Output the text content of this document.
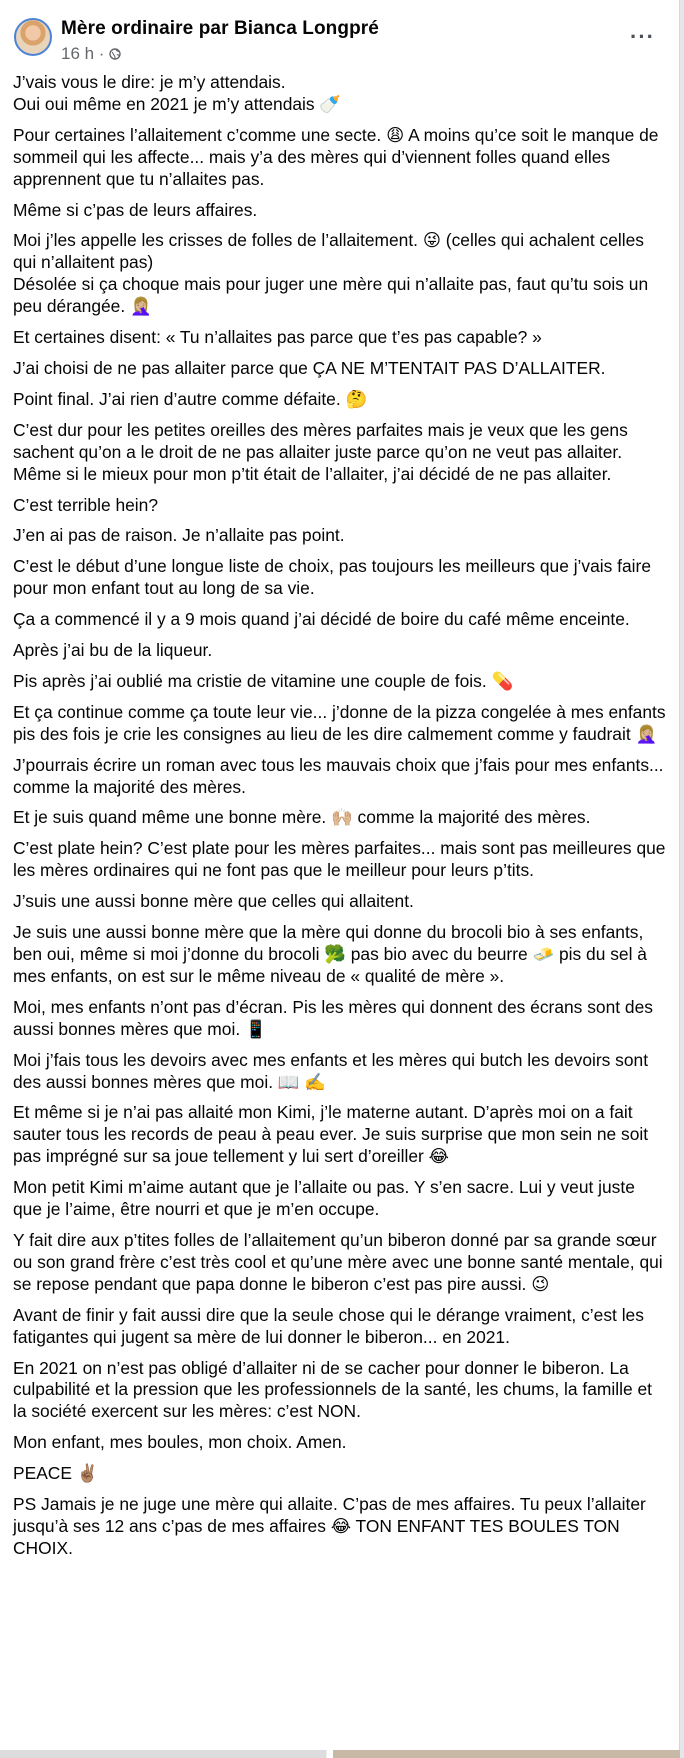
Mère ordinaire par Bianca Longpré
16 h ·
···

J’vais vous le dire: je m’y attendais.
Oui oui même en 2021 je m’y attendais 🍼

Pour certaines l’allaitement c’comme une secte. 😩 A moins qu’ce soit le manque de sommeil qui les affecte... mais y’a des mères qui d’viennent folles quand elles apprennent que tu n’allaites pas.

Même si c’pas de leurs affaires.

Moi j’les appelle les crisses de folles de l’allaitement. 😜 (celles qui achalent celles qui n’allaitent pas)
Désolée si ça choque mais pour juger une mère qui n’allaite pas, faut qu’tu sois un peu dérangée. 🤦🏼‍♀️

Et certaines disent: « Tu n’allaites pas parce que t’es pas capable? »

J’ai choisi de ne pas allaiter parce que ÇA NE M’TENTAIT PAS D’ALLAITER.

Point final. J’ai rien d’autre comme défaite. 🤔

C’est dur pour les petites oreilles des mères parfaites mais je veux que les gens sachent qu’on a le droit de ne pas allaiter juste parce qu’on ne veut pas allaiter. Même si le mieux pour mon p’tit était de l’allaiter, j’ai décidé de ne pas allaiter.

C’est terrible hein?

J’en ai pas de raison. Je n’allaite pas point.

C’est le début d’une longue liste de choix, pas toujours les meilleurs que j’vais faire pour mon enfant tout au long de sa vie.

Ça a commencé il y a 9 mois quand j’ai décidé de boire du café même enceinte.

Après j’ai bu de la liqueur.

Pis après j’ai oublié ma cristie de vitamine une couple de fois. 💊

Et ça continue comme ça toute leur vie... j’donne de la pizza congelée à mes enfants pis des fois je crie les consignes au lieu de les dire calmement comme y faudrait 🤦🏼‍♀️

J’pourrais écrire un roman avec tous les mauvais choix que j’fais pour mes enfants... comme la majorité des mères.

Et je suis quand même une bonne mère. 🙌🏼 comme la majorité des mères.

C’est plate hein? C’est plate pour les mères parfaites... mais sont pas meilleures que les mères ordinaires qui ne font pas que le meilleur pour leurs p’tits.

J’suis une aussi bonne mère que celles qui allaitent.

Je suis une aussi bonne mère que la mère qui donne du brocoli bio à ses enfants, ben oui, même si moi j’donne du brocoli 🥦 pas bio avec du beurre 🧈 pis du sel à mes enfants, on est sur le même niveau de « qualité de mère ».

Moi, mes enfants n’ont pas d’écran. Pis les mères qui donnent des écrans sont des aussi bonnes mères que moi. 📱

Moi j’fais tous les devoirs avec mes enfants et les mères qui butch les devoirs sont des aussi bonnes mères que moi. 📖 ✍️

Et même si je n’ai pas allaité mon Kimi, j’le materne autant. D’après moi on a fait sauter tous les records de peau à peau ever. Je suis surprise que mon sein ne soit pas imprégné sur sa joue tellement y lui sert d’oreiller 😂

Mon petit Kimi m’aime autant que je l’allaite ou pas. Y s’en sacre. Lui y veut juste que je l’aime, être nourri et que je m’en occupe.

Y fait dire aux p’tites folles de l’allaitement qu’un biberon donné par sa grande sœur ou son grand frère c’est très cool et qu’une mère avec une bonne santé mentale, qui se repose pendant que papa donne le biberon c’est pas pire aussi. 😉

Avant de finir y fait aussi dire que la seule chose qui le dérange vraiment, c’est les fatigantes qui jugent sa mère de lui donner le biberon... en 2021.

En 2021 on n’est pas obligé d’allaiter ni de se cacher pour donner le biberon. La culpabilité et la pression que les professionnels de la santé, les chums, la famille et la société exercent sur les mères: c’est NON.

Mon enfant, mes boules, mon choix. Amen.

PEACE ✌🏽

PS Jamais je ne juge une mère qui allaite. C’pas de mes affaires. Tu peux l’allaiter jusqu’à ses 12 ans c’pas de mes affaires 😂 TON ENFANT TES BOULES TON CHOIX.
